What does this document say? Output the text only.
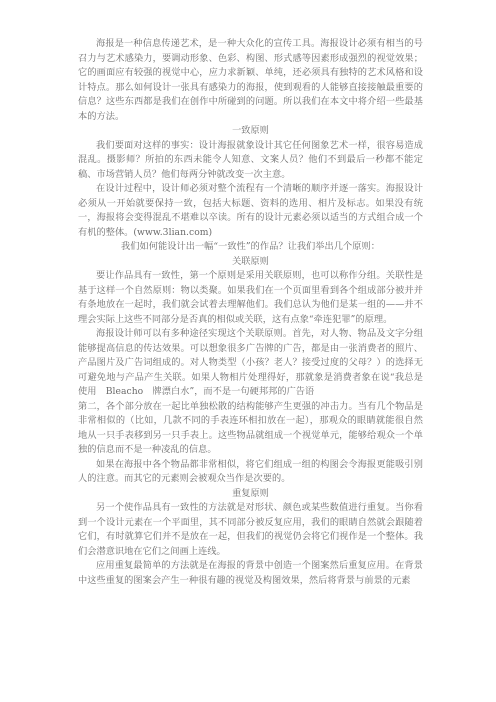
海报是一种信息传递艺术，是一种大众化的宣传工具。海报设计必须有相当的号召力与艺术感染力，要调动形象、色彩、构图、形式感等因素形成强烈的视觉效果；它的画面应有较强的视觉中心，应力求新颖、单纯，还必须具有独特的艺术风格和设计特点。那么如何设计一张具有感染力的海报，使到观看的人能够直接接触最重要的信息？这些东西都是我们在创作中所碰到的问题。所以我们在本文中将介绍一些最基本的方法。

一致原则

我们要面对这样的事实：设计海报就象设计其它任何图象艺术一样，很容易造成混乱。摄影师？所拍的东西未能令人知意、文案人员？他们不到最后一秒都不能定稿、市场营销人员？他们每两分钟就改变一次主意。

在设计过程中，设计师必须对整个流程有一个清晰的顺序并逐一落实。海报设计必须从一开始就要保持一致，包括大标题、资料的选用、相片及标志。如果没有统一，海报将会变得混乱不堪难以卒读。所有的设计元素必须以适当的方式组合成一个有机的整体。(www.3lian.com)

我们如何能设计出一幅“一致性”的作品？让我们举出几个原则：

关联原则

要让作品具有一致性，第一个原则是采用关联原则，也可以称作分组。关联性是基于这样一个自然原则：物以类聚。如果我们在一个页面里看到各个组成部分被并并有条地放在一起时，我们就会试着去理解他们。我们总认为他们是某一组的——并不理会实际上这些不同部分是否真的相似或关联，这有点象“牵连犯罪”的原理。

海报设计师可以有多种途径实现这个关联原则。首先，对人物、物品及文字分组能够提高信息的传达效果。可以想象很多广告牌的广告，都是由一张消费者的照片、产品图片及广告词组成的。对人物类型（小孩？老人？接受过度的父母？）的选择无可避免地与产品产生关联。如果人物相片处理得好，那就象是消费者象在说“我总是使用　Bleacho　牌漂白水”，而不是一句硬邦邦的广告语

第二，各个部分放在一起比单独松散的结构能够产生更强的冲击力。当有几个物品是非常相似的（比如，几款不同的手表连环相扣放在一起），那观众的眼睛就能很自然地从一只手表移到另一只手表上。这些物品就组成一个视觉单元，能够给观众一个单独的信息而不是一种凌乱的信息。

如果在海报中各个物品都非常相似，将它们组成一组的构图会令海报更能吸引别人的注意。而其它的元素则会被观众当作是次要的。

重复原则

另一个使作品具有一致性的方法就是对形状、颜色或某些数值进行重复。当你看到一个设计元素在一个平面里，其不同部分被反复应用，我们的眼睛自然就会跟随着它们，有时就算它们并不是放在一起，但我们的视觉仍会将它们视作是一个整体。我们会潜意识地在它们之间画上连线。

应用重复最简单的方法就是在海报的背景中创造一个图案然后重复应用。在背景中这些重复的图案会产生一种很有趣的视觉及构图效果，然后将背景与前景的元素
